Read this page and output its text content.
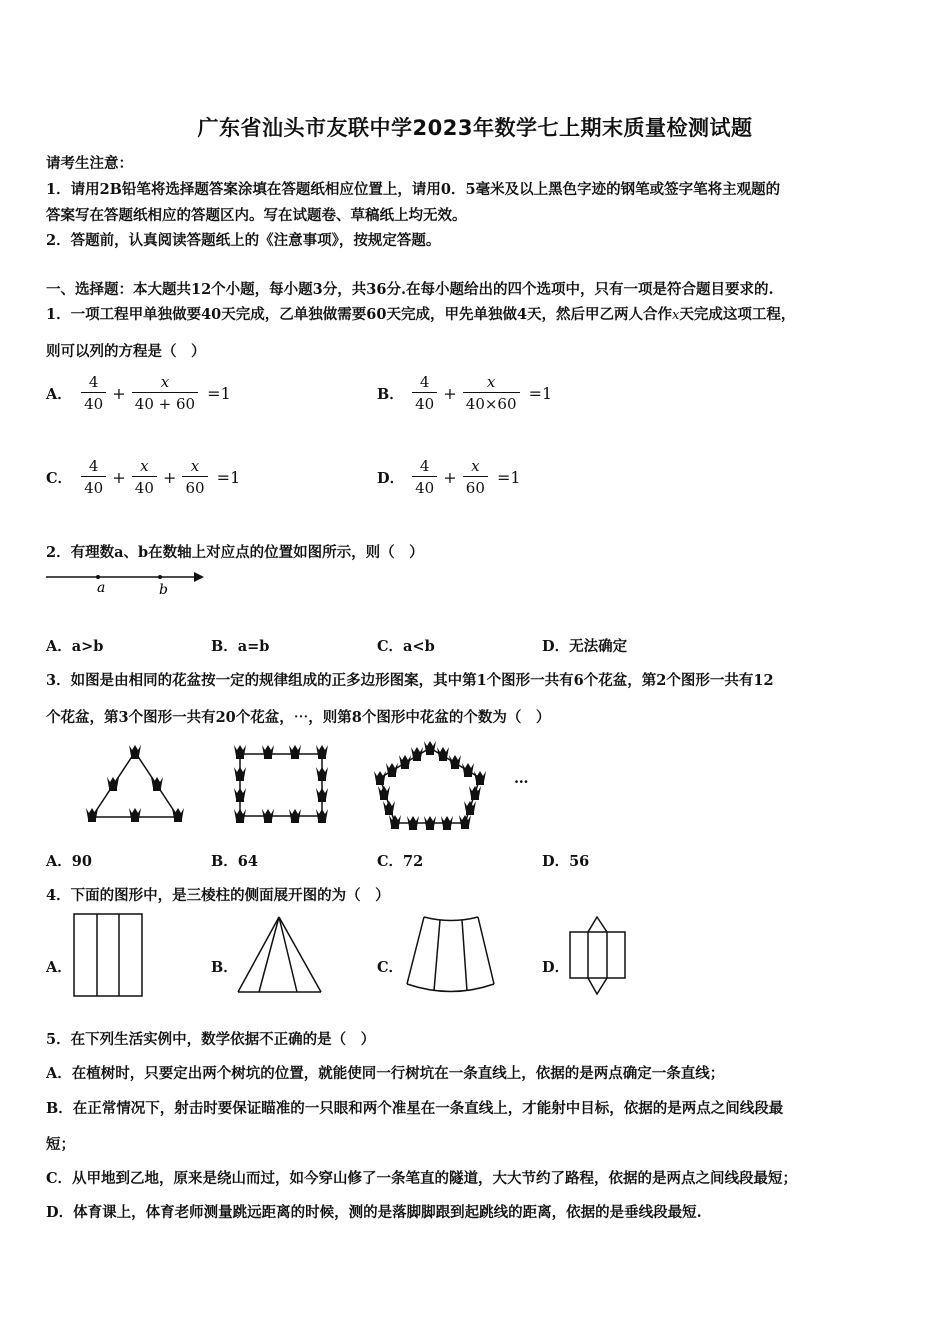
广东省汕头市友联中学2023年数学七上期末质量检测试题
请考生注意：
1．请用2B铅笔将选择题答案涂填在答题纸相应位置上，请用0．5毫米及以上黑色字迹的钢笔或签字笔将主观题的
答案写在答题纸相应的答题区内。写在试题卷、草稿纸上均无效。
2．答题前，认真阅读答题纸上的《注意事项》，按规定答题。
一、选择题：本大题共12个小题，每小题3分，共36分.在每小题给出的四个选项中，只有一项是符合题目要求的.
1．一项工程甲单独做要40天完成，乙单独做需要60天完成，甲先单独做4天，然后甲乙两人合作x天完成这项工程，
则可以列的方程是（　）
A． $\frac{4}{40} + \frac{x}{40 + 60} =1$	B． $\frac{4}{40} + \frac{x}{40\times 60} =1$
C． $\frac{4}{40} + \frac{x}{40} + \frac{x}{60} =1$	D． $\frac{4}{40} + \frac{x}{60} =1$
2．有理数a、b在数轴上对应点的位置如图所示，则（　）
a	b
A．a>b	B．a=b	C．a<b	D．无法确定
3．如图是由相同的花盆按一定的规律组成的正多边形图案，其中第1个图形一共有6个花盆，第2个图形一共有12
个花盆，第3个图形一共有20个花盆，⋯，则第8个图形中花盆的个数为（　）
…
A．90	B．64	C．72	D．56
4．下面的图形中，是三棱柱的侧面展开图的为（　）
A．	B．	C．	D．
5．在下列生活实例中，数学依据不正确的是（　）
A．在植树时，只要定出两个树坑的位置，就能使同一行树坑在一条直线上，依据的是两点确定一条直线；
B．在正常情况下，射击时要保证瞄准的一只眼和两个准星在一条直线上，才能射中目标，依据的是两点之间线段最
短；
C．从甲地到乙地，原来是绕山而过，如今穿山修了一条笔直的隧道，大大节约了路程，依据的是两点之间线段最短；
D．体育课上，体育老师测量跳远距离的时候，测的是落脚脚跟到起跳线的距离，依据的是垂线段最短.
